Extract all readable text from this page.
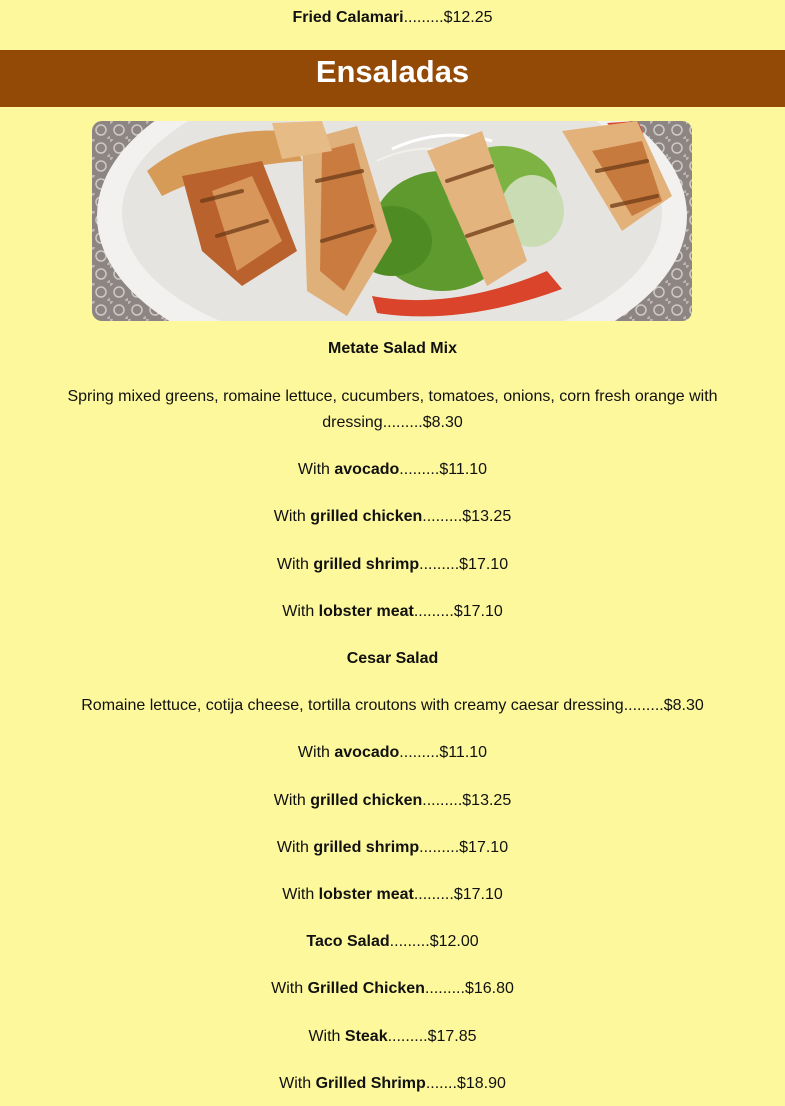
Fried Calamari.........$12.25

Ensaladas

Metate Salad Mix

Spring mixed greens, romaine lettuce, cucumbers, tomatoes, onions, corn fresh orange with dressing.........$8.30

With avocado.........$11.10

With grilled chicken.........$13.25

With grilled shrimp.........$17.10

With lobster meat.........$17.10

Cesar Salad

Romaine lettuce, cotija cheese, tortilla croutons with creamy caesar dressing.........$8.30

With avocado.........$11.10

With grilled chicken.........$13.25

With grilled shrimp.........$17.10

With lobster meat.........$17.10

Taco Salad.........$12.00

With Grilled Chicken.........$16.80

With Steak.........$17.85

With Grilled Shrimp.......$18.90
